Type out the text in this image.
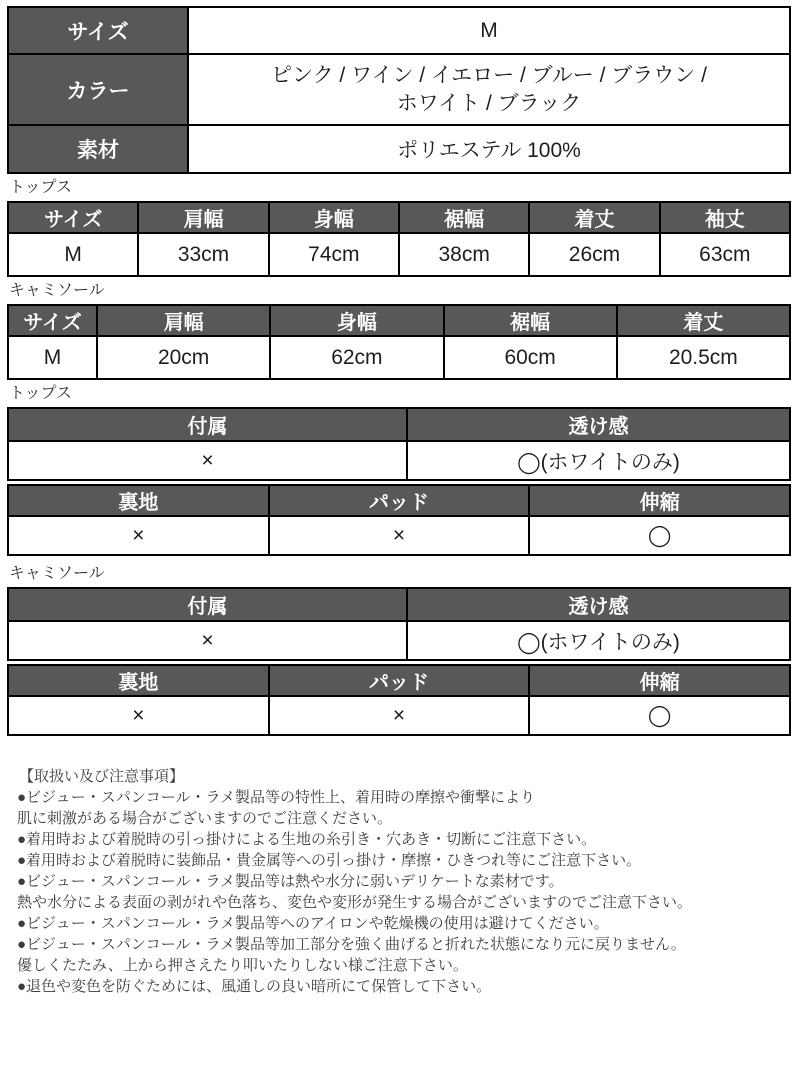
サイズ	M
カラー	ピンク / ワイン / イエロー / ブルー / ブラウン /
ホワイト / ブラック

素材	ポリエステル 100%
トップス
サイズ	肩幅	身幅	裾幅	着丈	袖丈
M	33cm	74cm	38cm	26cm	63cm
キャミソール
サイズ	肩幅	身幅	裾幅	着丈
M	20cm	62cm	60cm	20.5cm
トップス
付属	透け感
×	◯(ホワイトのみ)
裏地	パッド	伸縮
×	×	◯
キャミソール
付属	透け感
×	◯(ホワイトのみ)
裏地	パッド	伸縮
×	×	◯
【取扱い及び注意事項】
●ビジュー・スパンコール・ラメ製品等の特性上、着用時の摩擦や衝撃により
肌に刺激がある場合がございますのでご注意ください。
●着用時および着脱時の引っ掛けによる生地の糸引き・穴あき・切断にご注意下さい。
●着用時および着脱時に装飾品・貴金属等への引っ掛け・摩擦・ひきつれ等にご注意下さい。
●ビジュー・スパンコール・ラメ製品等は熱や水分に弱いデリケートな素材です。
熱や水分による表面の剥がれや色落ち、変色や変形が発生する場合がございますのでご注意下さい。
●ビジュー・スパンコール・ラメ製品等へのアイロンや乾燥機の使用は避けてください。
●ビジュー・スパンコール・ラメ製品等加工部分を強く曲げると折れた状態になり元に戻りません。
優しくたたみ、上から押さえたり叩いたりしない様ご注意下さい。
●退色や変色を防ぐためには、風通しの良い暗所にて保管して下さい。
